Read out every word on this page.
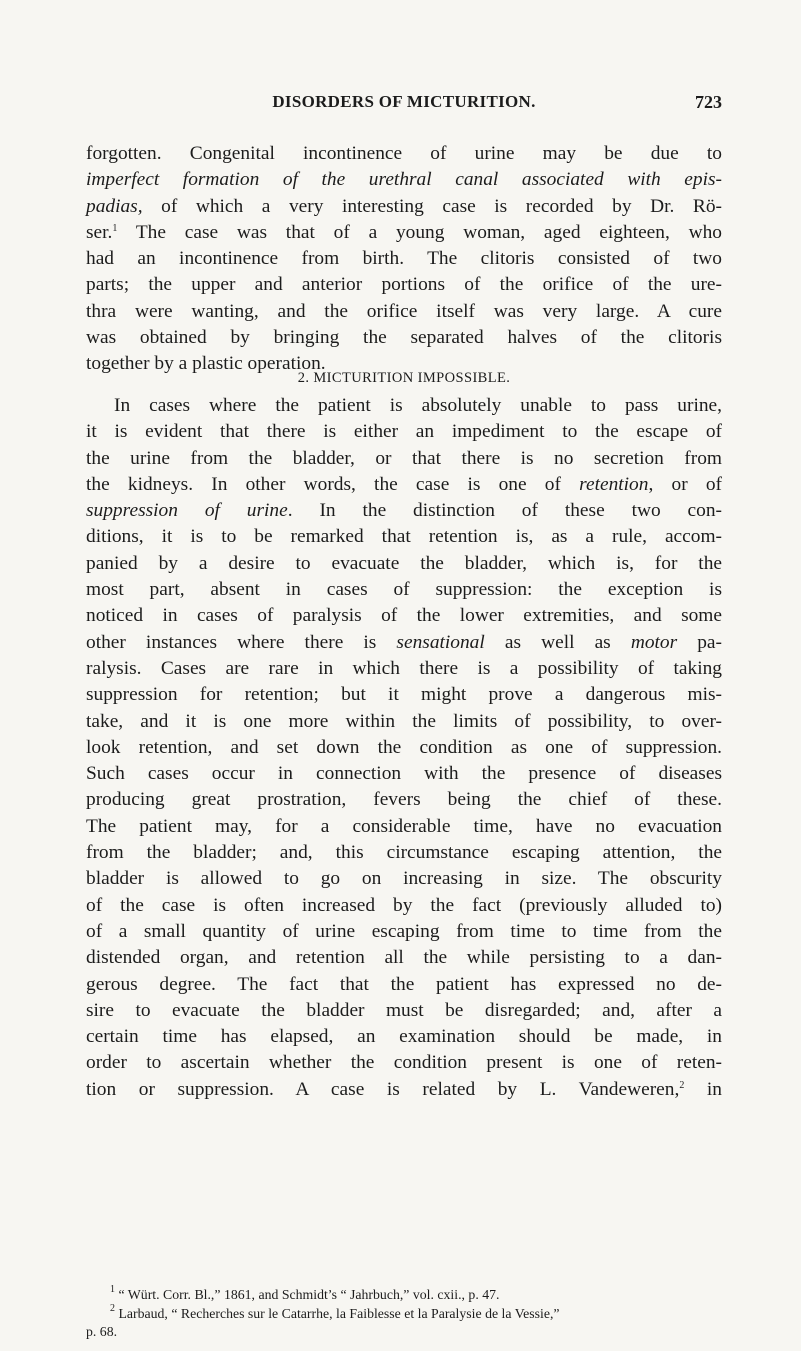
DISORDERS OF MICTURITION.	723
forgotten. Congenital incontinence of urine may be due to
imperfect formation of the urethral canal associated with epis-
padias, of which a very interesting case is recorded by Dr. Rö-
ser.$^1$ The case was that of a young woman, aged eighteen, who
had an incontinence from birth. The clitoris consisted of two
parts; the upper and anterior portions of the orifice of the ure-
thra were wanting, and the orifice itself was very large. A cure
was obtained by bringing the separated halves of the clitoris
together by a plastic operation.
2. MICTURITION IMPOSSIBLE.
In cases where the patient is absolutely unable to pass urine,
it is evident that there is either an impediment to the escape of
the urine from the bladder, or that there is no secretion from
the kidneys. In other words, the case is one of retention, or of
suppression of urine. In the distinction of these two con-
ditions, it is to be remarked that retention is, as a rule, accom-
panied by a desire to evacuate the bladder, which is, for the
most part, absent in cases of suppression: the exception is
noticed in cases of paralysis of the lower extremities, and some
other instances where there is sensational as well as motor pa-
ralysis. Cases are rare in which there is a possibility of taking
suppression for retention; but it might prove a dangerous mis-
take, and it is one more within the limits of possibility, to over-
look retention, and set down the condition as one of suppression.
Such cases occur in connection with the presence of diseases
producing great prostration, fevers being the chief of these.
The patient may, for a considerable time, have no evacuation
from the bladder; and, this circumstance escaping attention, the
bladder is allowed to go on increasing in size. The obscurity
of the case is often increased by the fact (previously alluded to)
of a small quantity of urine escaping from time to time from the
distended organ, and retention all the while persisting to a dan-
gerous degree. The fact that the patient has expressed no de-
sire to evacuate the bladder must be disregarded; and, after a
certain time has elapsed, an examination should be made, in
order to ascertain whether the condition present is one of reten-
tion or suppression. A case is related by L. Vandeweren,$^2$ in
$^1$ “ Würt. Corr. Bl.,” 1861, and Schmidt’s “ Jahrbuch,” vol. cxii., p. 47.
$^2$ Larbaud, “ Recherches sur le Catarrhe, la Faiblesse et la Paralysie de la Vessie,”
p. 68.
